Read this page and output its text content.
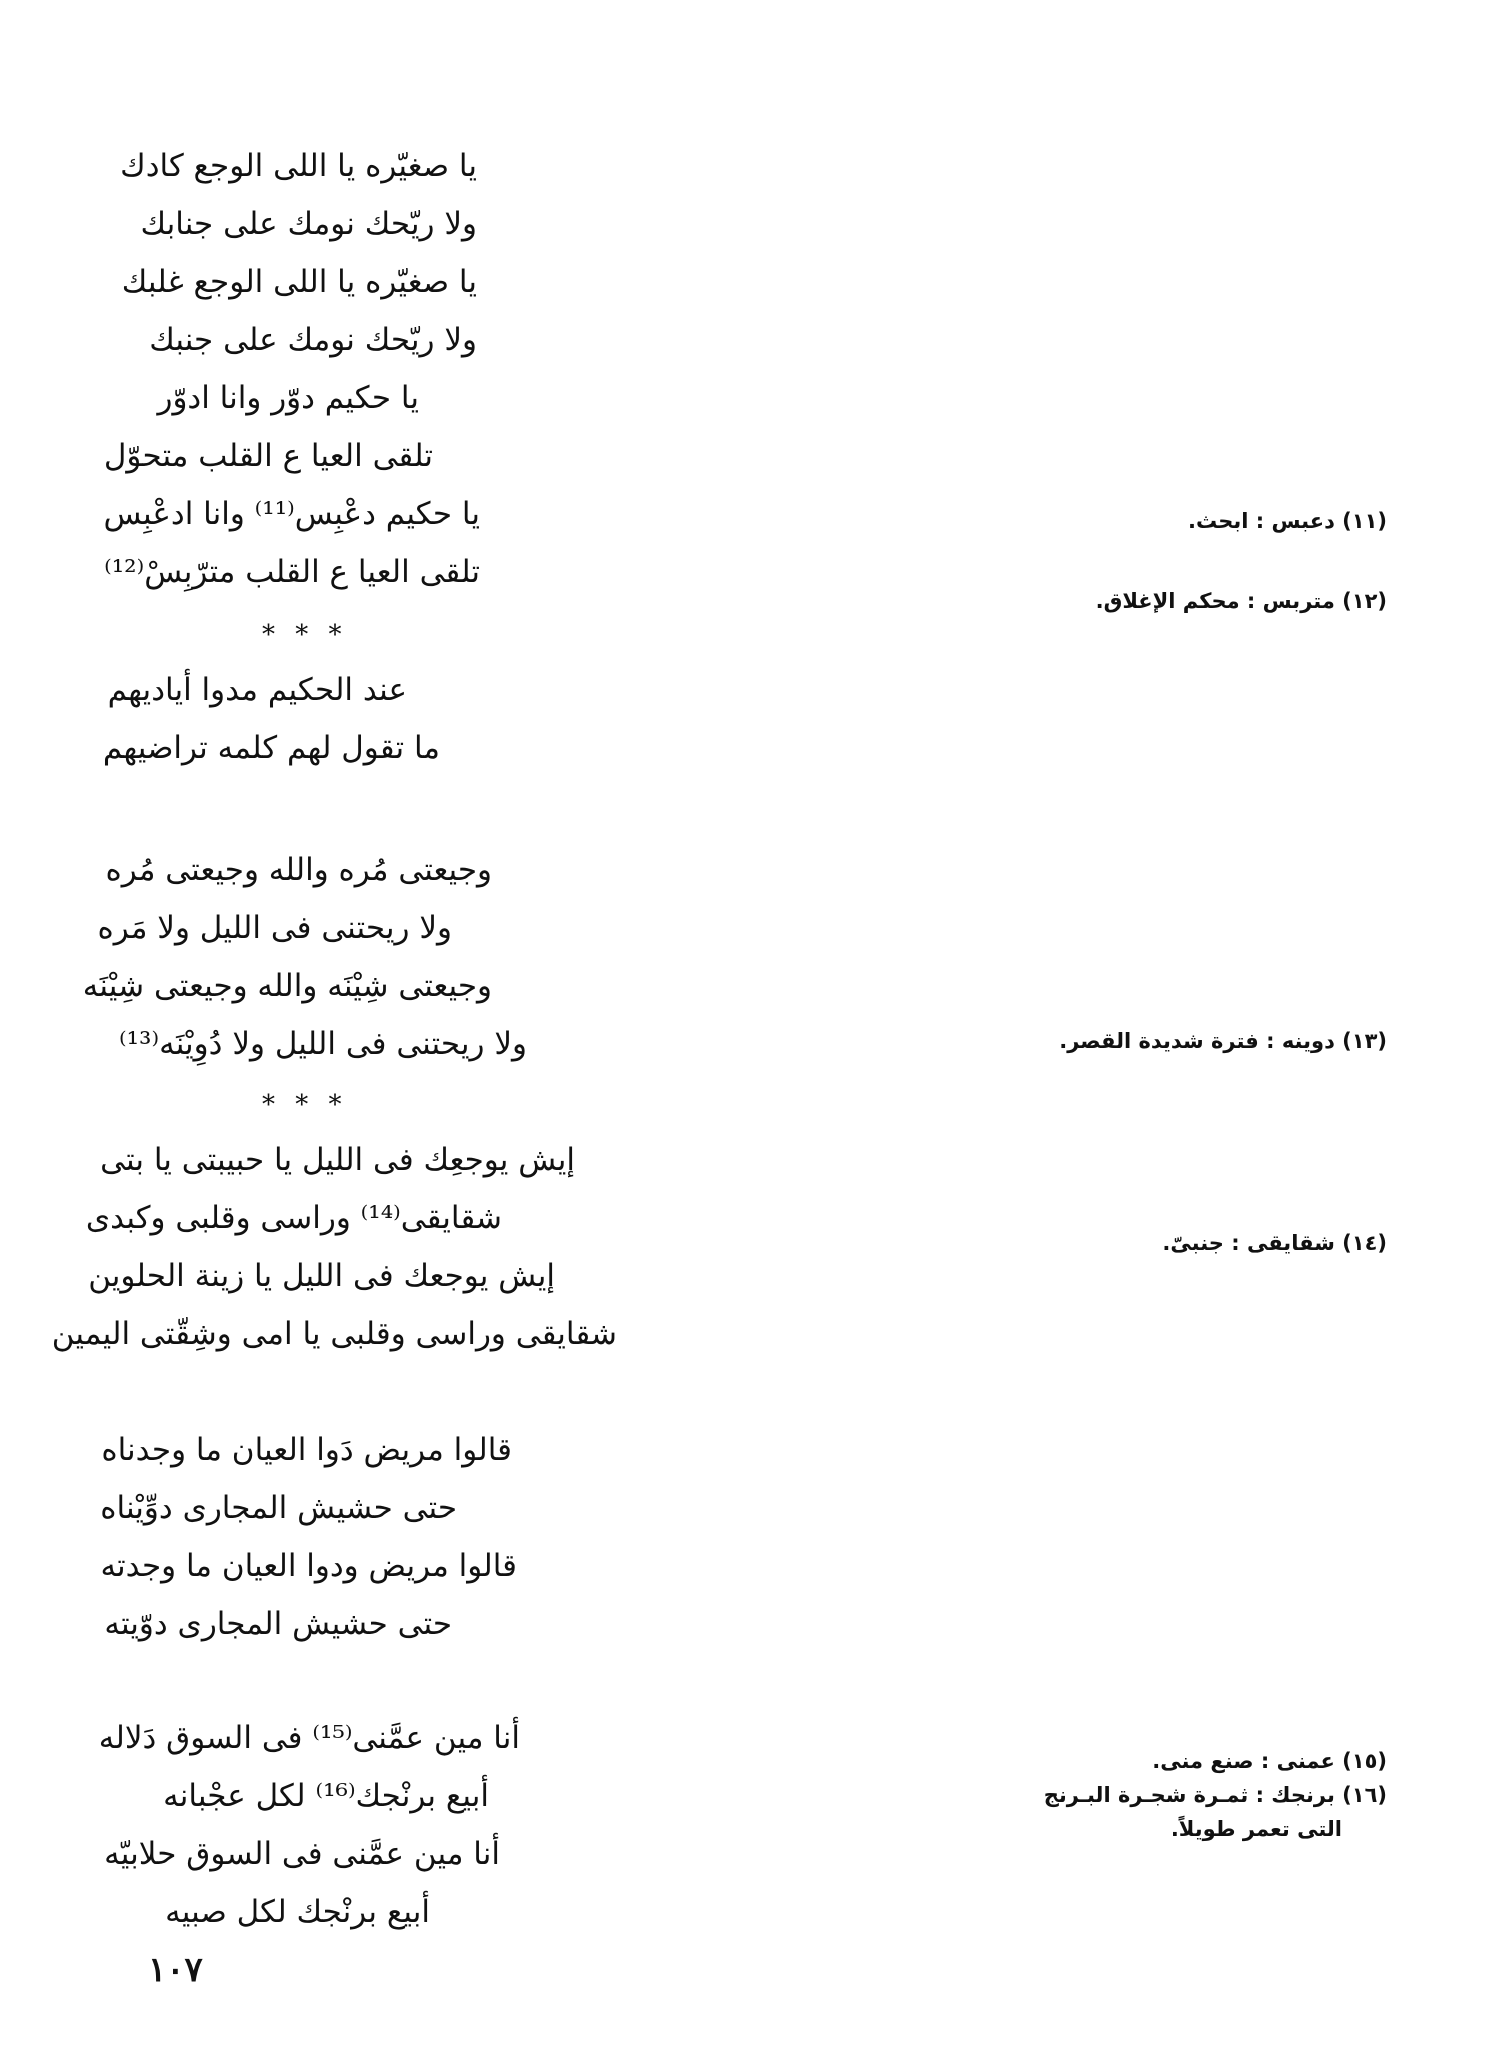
يا صغيّره يا اللى الوجع كادك
ولا ريّحك نومك على جنابك
يا صغيّره يا اللى الوجع غلبك
ولا ريّحك نومك على جنبك
يا حكيم دوّر وانا ادوّر
تلقى العيا ع القلب متحوّل
يا حكيم دعْبِس⁽¹¹⁾ وانا ادعْبِس
تلقى العيا ع القلب مترّبِسْ⁽¹²⁾
* * *
عند الحكيم مدوا أياديهم
ما تقول لهم كلمه تراضيهم
وجيعتى مُره والله وجيعتى مُره
ولا ريحتنى فى الليل ولا مَره
وجيعتى شِيْنَه والله وجيعتى شِيْنَه
ولا ريحتنى فى الليل ولا دُوِيْنَه⁽¹³⁾
* * *
إيش يوجعِك فى الليل يا حبيبتى يا بتى
شقايقى⁽¹⁴⁾ وراسى وقلبى وكبدى
إيش يوجعك فى الليل يا زينة الحلوين
شقايقى وراسى وقلبى يا امى وشِقّتى اليمين
قالوا مريض دَوا العيان ما وجدناه
حتى حشيش المجارى دوِّيْناه
قالوا مريض ودوا العيان ما وجدته
حتى حشيش المجارى دوّيته
أنا مين عمَّنى⁽¹⁵⁾ فى السوق دَلاله
أبيع برنْجك⁽¹⁶⁾ لكل عجْبانه
أنا مين عمَّنى فى السوق حلابيّه
أبيع برنْجك لكل صبيه
(١١) دعبس : ابحث.
(١٢) متربس : محكم الإغلاق.
(١٣) دوينه : فترة شديدة القصر.
(١٤) شقايقى : جنبىّ.
(١٥) عمنى : صنع منى.
(١٦) برنجك : ثمـرة شجـرة البـرنج
التى تعمر طويلاً.
١٠٧
